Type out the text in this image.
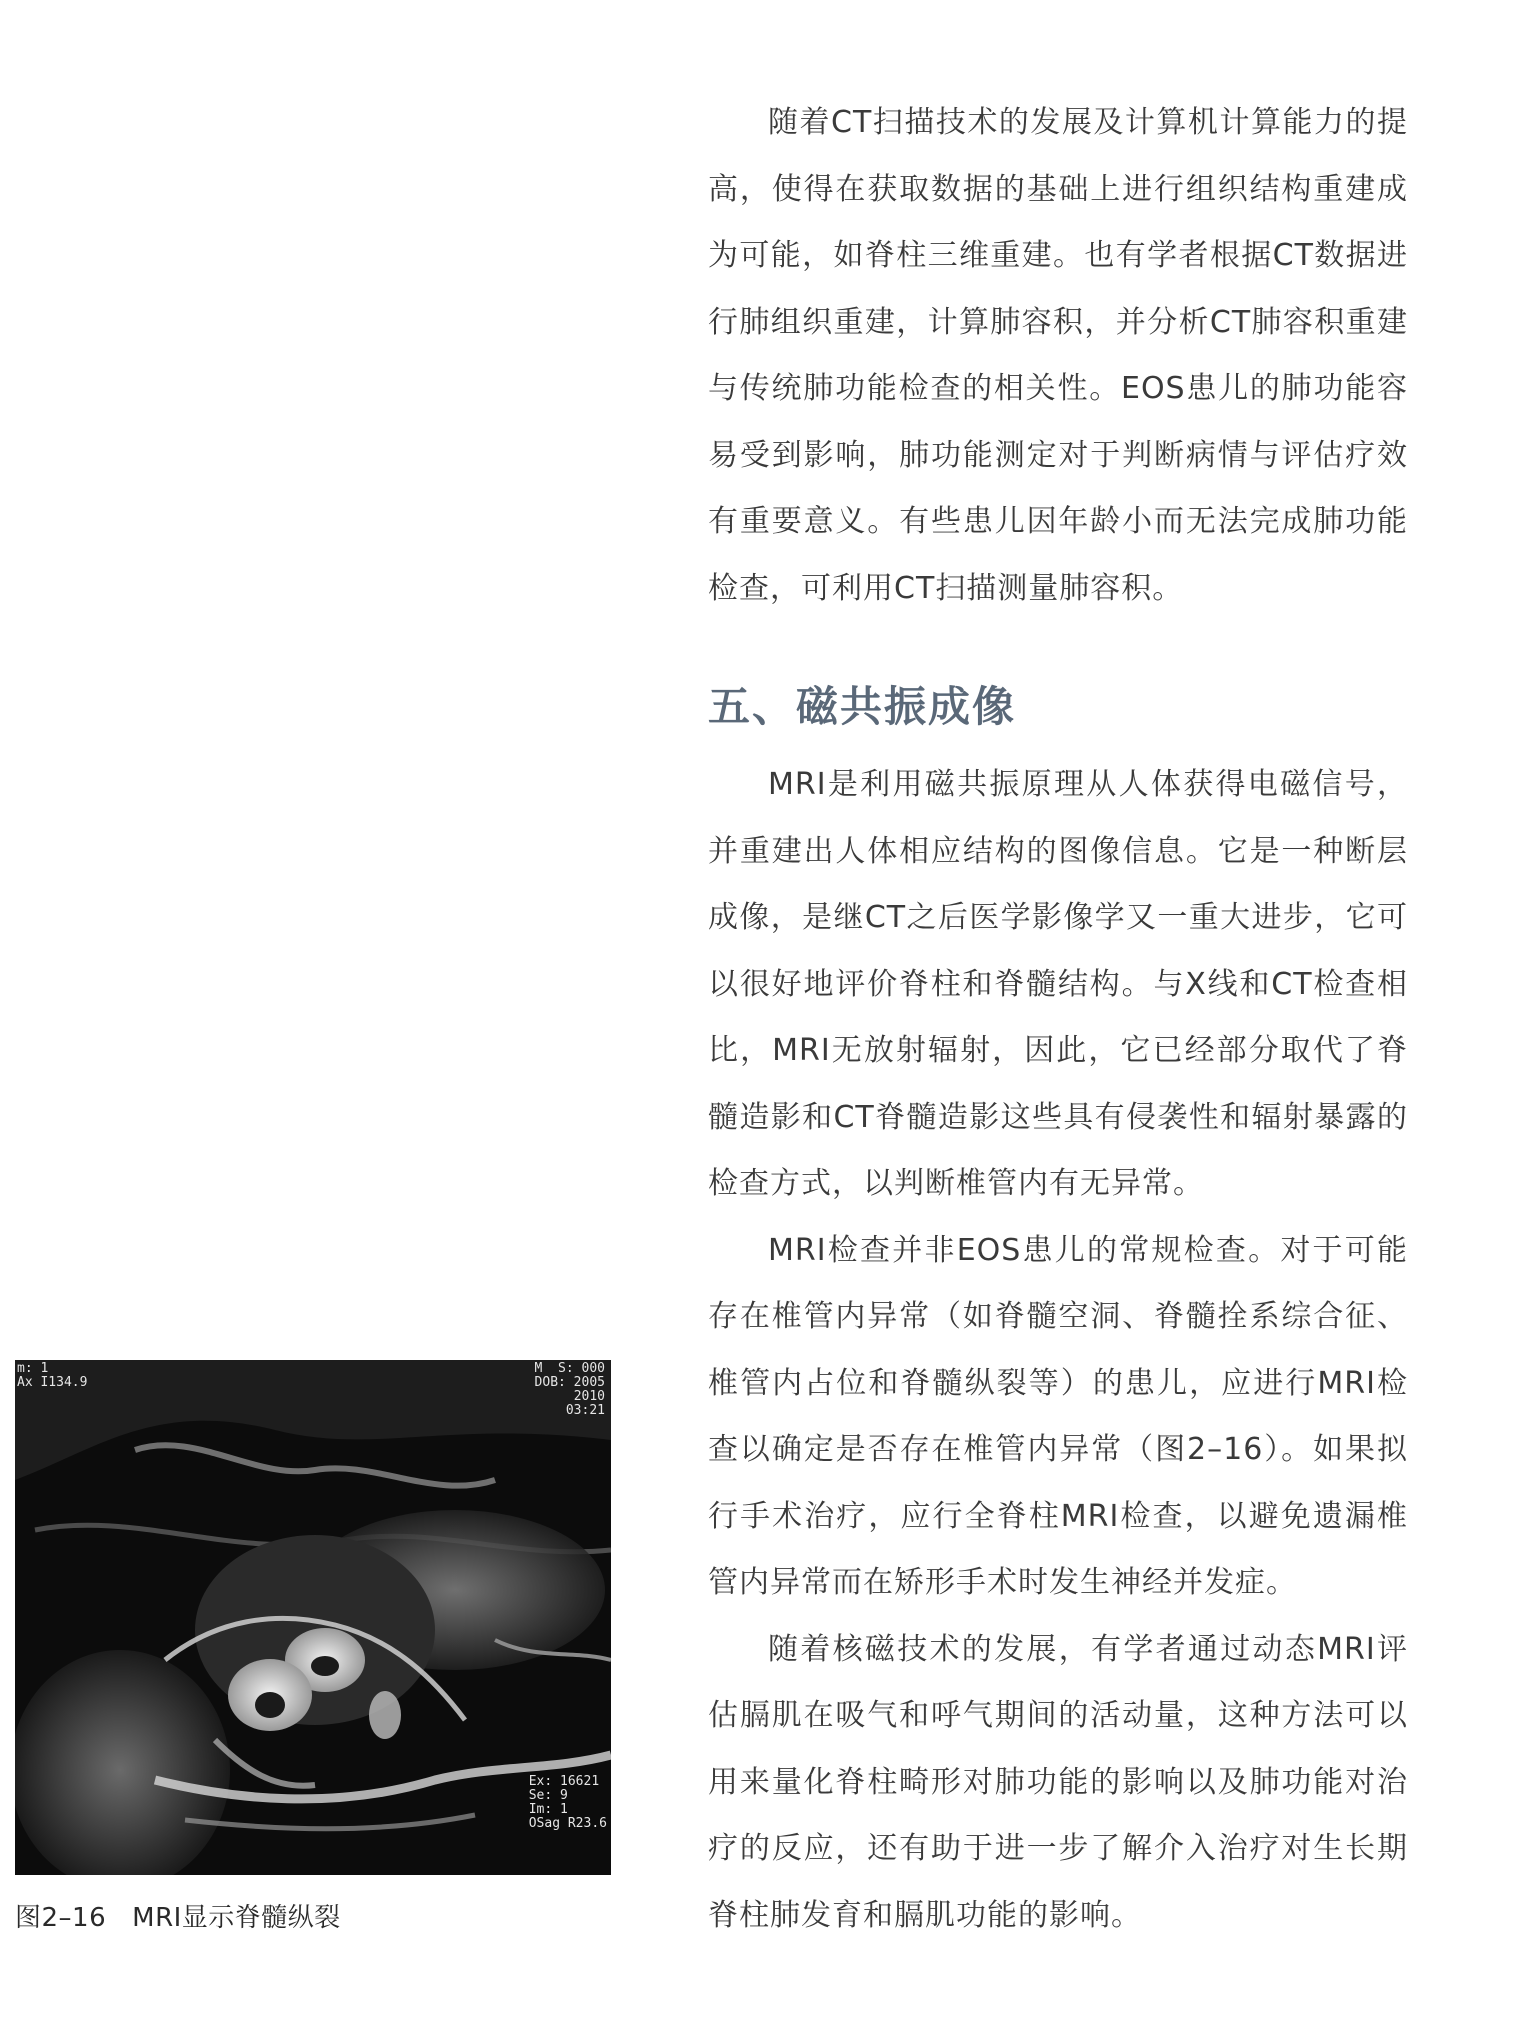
随着CT扫描技术的发展及计算机计算能力的提高，使得在获取数据的基础上进行组织结构重建成为可能，如脊柱三维重建。也有学者根据CT数据进行肺组织重建，计算肺容积，并分析CT肺容积重建与传统肺功能检查的相关性。EOS患儿的肺功能容易受到影响，肺功能测定对于判断病情与评估疗效有重要意义。有些患儿因年龄小而无法完成肺功能检查，可利用CT扫描测量肺容积。

五、磁共振成像

MRI是利用磁共振原理从人体获得电磁信号，并重建出人体相应结构的图像信息。它是一种断层成像，是继CT之后医学影像学又一重大进步，它可以很好地评价脊柱和脊髓结构。与X线和CT检查相比，MRI无放射辐射，因此，它已经部分取代了脊髓造影和CT脊髓造影这些具有侵袭性和辐射暴露的检查方式，以判断椎管内有无异常。

MRI检查并非EOS患儿的常规检查。对于可能存在椎管内异常（如脊髓空洞、脊髓拴系综合征、椎管内占位和脊髓纵裂等）的患儿，应进行MRI检查以确定是否存在椎管内异常（图2–16）。如果拟行手术治疗，应行全脊柱MRI检查，以避免遗漏椎管内异常而在矫形手术时发生神经并发症。

随着核磁技术的发展，有学者通过动态MRI评估膈肌在吸气和呼气期间的活动量，这种方法可以用来量化脊柱畸形对肺功能的影响以及肺功能对治疗的反应，还有助于进一步了解介入治疗对生长期脊柱肺发育和膈肌功能的影响。

m: 1
Ax I134.9
M  S: 000
DOB: 2005
2010
03:21
Ex: 16621
Se: 9
Im: 1
OSag R23.6
图2–16 MRI显示脊髓纵裂
